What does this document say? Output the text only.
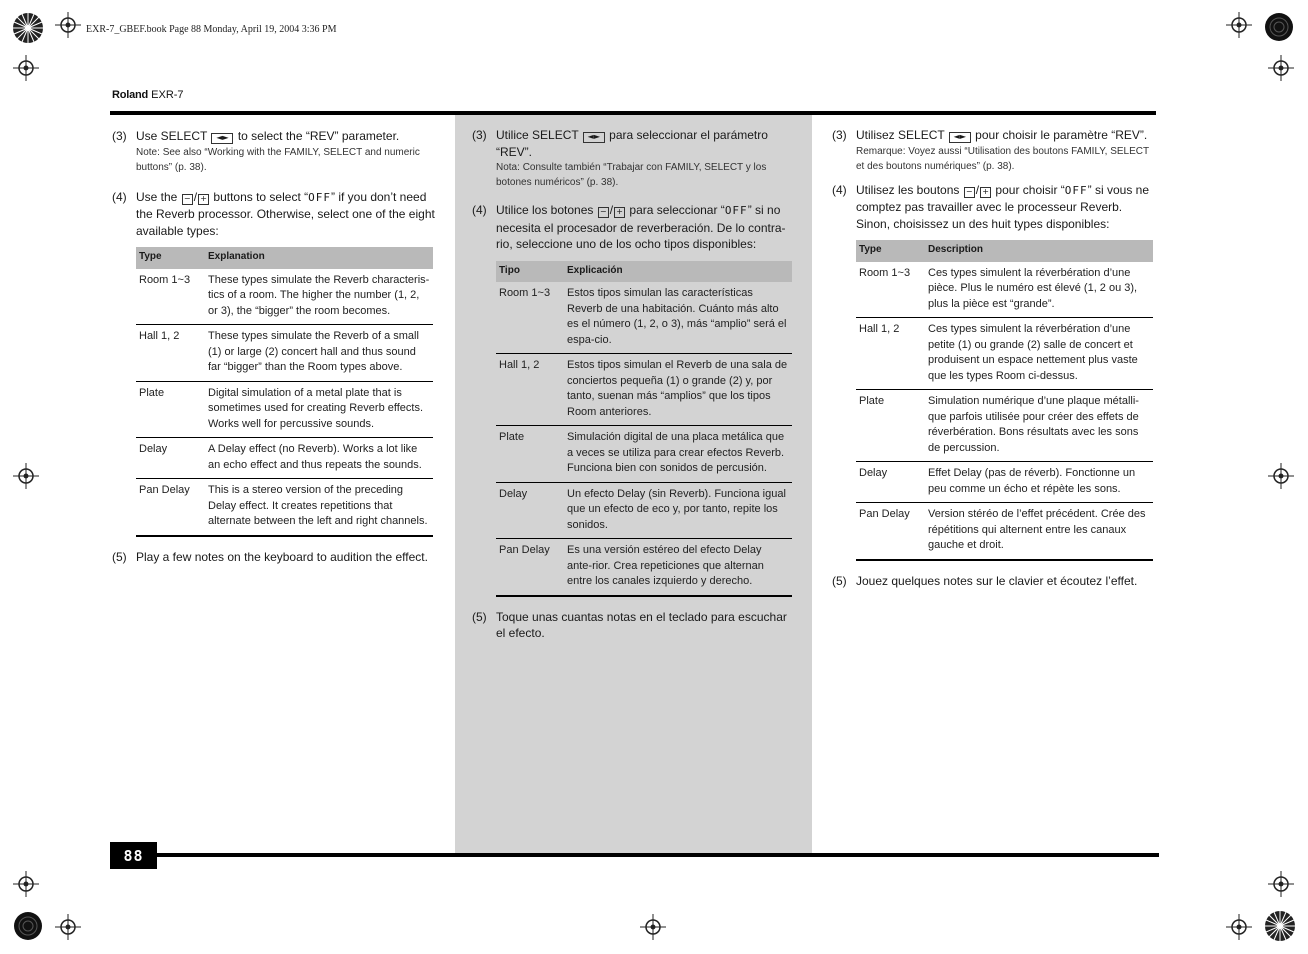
EXR-7_GBEF.book Page 88 Monday, April 19, 2004 3:36 PM
Roland EXR-7
88
(3) Use SELECT ◄► to select the “REV” parameter.
Note: See also “Working with the FAMILY, SELECT and numeric buttons” (p. 38).
(4) Use the − / + buttons to select “OFF” if you don’t need the Reverb processor. Otherwise, select one of the eight available types:
Type	Explanation
Room 1~3	These types simulate the Reverb characteris-tics of a room. The higher the number (1, 2, or 3), the “bigger” the room becomes.
Hall 1, 2	These types simulate the Reverb of a small (1) or large (2) concert hall and thus sound far “bigger” than the Room types above.
Plate	Digital simulation of a metal plate that is sometimes used for creating Reverb effects. Works well for percussive sounds.
Delay	A Delay effect (no Reverb). Works a lot like an echo effect and thus repeats the sounds.
Pan Delay	This is a stereo version of the preceding Delay effect. It creates repetitions that alternate between the left and right channels.
(5) Play a few notes on the keyboard to audition the effect.
(3) Utilice SELECT ◄► para seleccionar el parámetro “REV”.
Nota: Consulte también “Trabajar con FAMILY, SELECT y los botones numéricos” (p. 38).
(4) Utilice los botones − / + para seleccionar “OFF” si no necesita el procesador de reverberación. De lo contra-rio, seleccione uno de los ocho tipos disponibles:
Tipo	Explicación
Room 1~3	Estos tipos simulan las características Reverb de una habitación. Cuánto más alto es el número (1, 2, o 3), más “amplio” será el espa-cio.
Hall 1, 2	Estos tipos simulan el Reverb de una sala de conciertos pequeña (1) o grande (2) y, por tanto, suenan más “amplios” que los tipos Room anteriores.
Plate	Simulación digital de una placa metálica que a veces se utiliza para crear efectos Reverb. Funciona bien con sonidos de percusión.
Delay	Un efecto Delay (sin Reverb). Funciona igual que un efecto de eco y, por tanto, repite los sonidos.
Pan Delay	Es una versión estéreo del efecto Delay ante-rior. Crea repeticiones que alternan entre los canales izquierdo y derecho.
(5) Toque unas cuantas notas en el teclado para escuchar el efecto.
(3) Utilisez SELECT ◄► pour choisir le paramètre “REV”.
Remarque: Voyez aussi “Utilisation des boutons FAMILY, SELECT et des boutons numériques” (p. 38).
(4) Utilisez les boutons − / + pour choisir “OFF” si vous ne comptez pas travailler avec le processeur Reverb. Sinon, choisissez un des huit types disponibles:
Type	Description
Room 1~3	Ces types simulent la réverbération d’une pièce. Plus le numéro est élevé (1, 2 ou 3), plus la pièce est “grande”.
Hall 1, 2	Ces types simulent la réverbération d’une petite (1) ou grande (2) salle de concert et produisent un espace nettement plus vaste que les types Room ci-dessus.
Plate	Simulation numérique d’une plaque métalli-que parfois utilisée pour créer des effets de réverbération. Bons résultats avec les sons de percussion.
Delay	Effet Delay (pas de réverb). Fonctionne un peu comme un écho et répète les sons.
Pan Delay	Version stéréo de l’effet précédent. Crée des répétitions qui alternent entre les canaux gauche et droit.
(5) Jouez quelques notes sur le clavier et écoutez l’effet.
